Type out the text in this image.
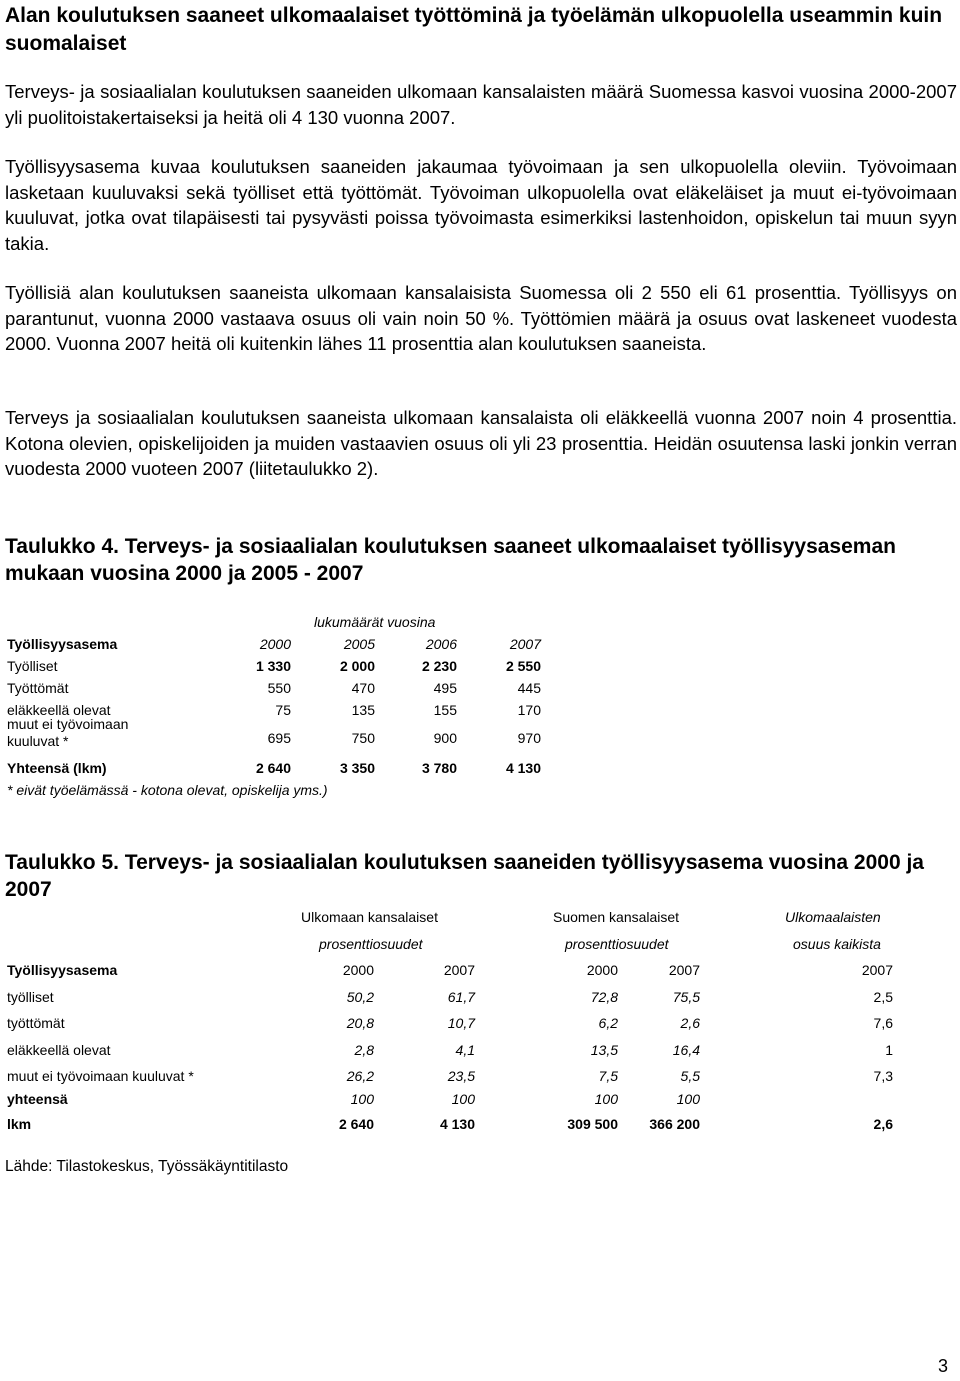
Alan koulutuksen saaneet ulkomaalaiset työttöminä ja työelämän ulkopuolella useammin kuin suomalaiset

Terveys- ja sosiaalialan koulutuksen saaneiden ulkomaan kansalaisten määrä Suomessa kasvoi vuosina 2000-2007 yli puolitoistakertaiseksi ja heitä oli 4 130 vuonna 2007.

Työllisyysasema kuvaa koulutuksen saaneiden jakaumaa työvoimaan ja sen ulkopuolella oleviin. Työvoimaan lasketaan kuuluvaksi sekä työlliset että työttömät. Työvoiman ulkopuolella ovat eläkeläiset ja muut ei-työvoimaan kuuluvat, jotka ovat tilapäisesti tai pysyvästi poissa työvoimasta esimerkiksi lastenhoidon, opiskelun tai muun syyn takia.

Työllisiä alan koulutuksen saaneista ulkomaan kansalaisista Suomessa oli 2 550 eli 61 prosenttia. Työllisyys on parantunut, vuonna 2000 vastaava osuus oli vain noin 50 %. Työttömien määrä ja osuus ovat laskeneet vuodesta 2000. Vuonna 2007 heitä oli kuitenkin lähes 11 prosenttia alan koulutuksen saaneista.

Terveys ja sosiaalialan koulutuksen saaneista ulkomaan kansalaista oli eläkkeellä vuonna 2007 noin 4 prosenttia. Kotona olevien, opiskelijoiden ja muiden vastaavien osuus oli yli 23 prosenttia. Heidän osuutensa laski jonkin verran vuodesta 2000 vuoteen 2007 (liitetaulukko 2).

Taulukko 4. Terveys- ja sosiaalialan koulutuksen saaneet ulkomaalaiset työllisyysaseman mukaan vuosina 2000 ja 2005 - 2007

lukumäärät vuosina
Työllisyysasema	2000	2005	2006	2007
Työlliset	1 330	2 000	2 230	2 550
Työttömät	550	470	495	445
eläkkeellä olevat	75	135	155	170
muut ei työvoimaan
kuuluvat *	695	750	900	970
Yhteensä (lkm)	2 640	3 350	3 780	4 130
* eivät työelämässä - kotona olevat, opiskelija yms.)

Taulukko 5. Terveys- ja sosiaalialan koulutuksen saaneiden työllisyysasema vuosina 2000 ja 2007

Ulkomaan kansalaiset	Suomen kansalaiset	Ulkomaalaisten
prosenttiosuudet	prosenttiosuudet	osuus kaikista
Työllisyysasema	2000	2007	2000	2007	2007
työlliset	50,2	61,7	72,8	75,5	2,5
työttömät	20,8	10,7	6,2	2,6	7,6
eläkkeellä olevat	2,8	4,1	13,5	16,4	1
muut ei työvoimaan kuuluvat *	26,2	23,5	7,5	5,5	7,3
yhteensä	100	100	100	100
lkm	2 640	4 130	309 500	366 200	2,6
Lähde: Tilastokeskus, Työssäkäyntitilasto
3
